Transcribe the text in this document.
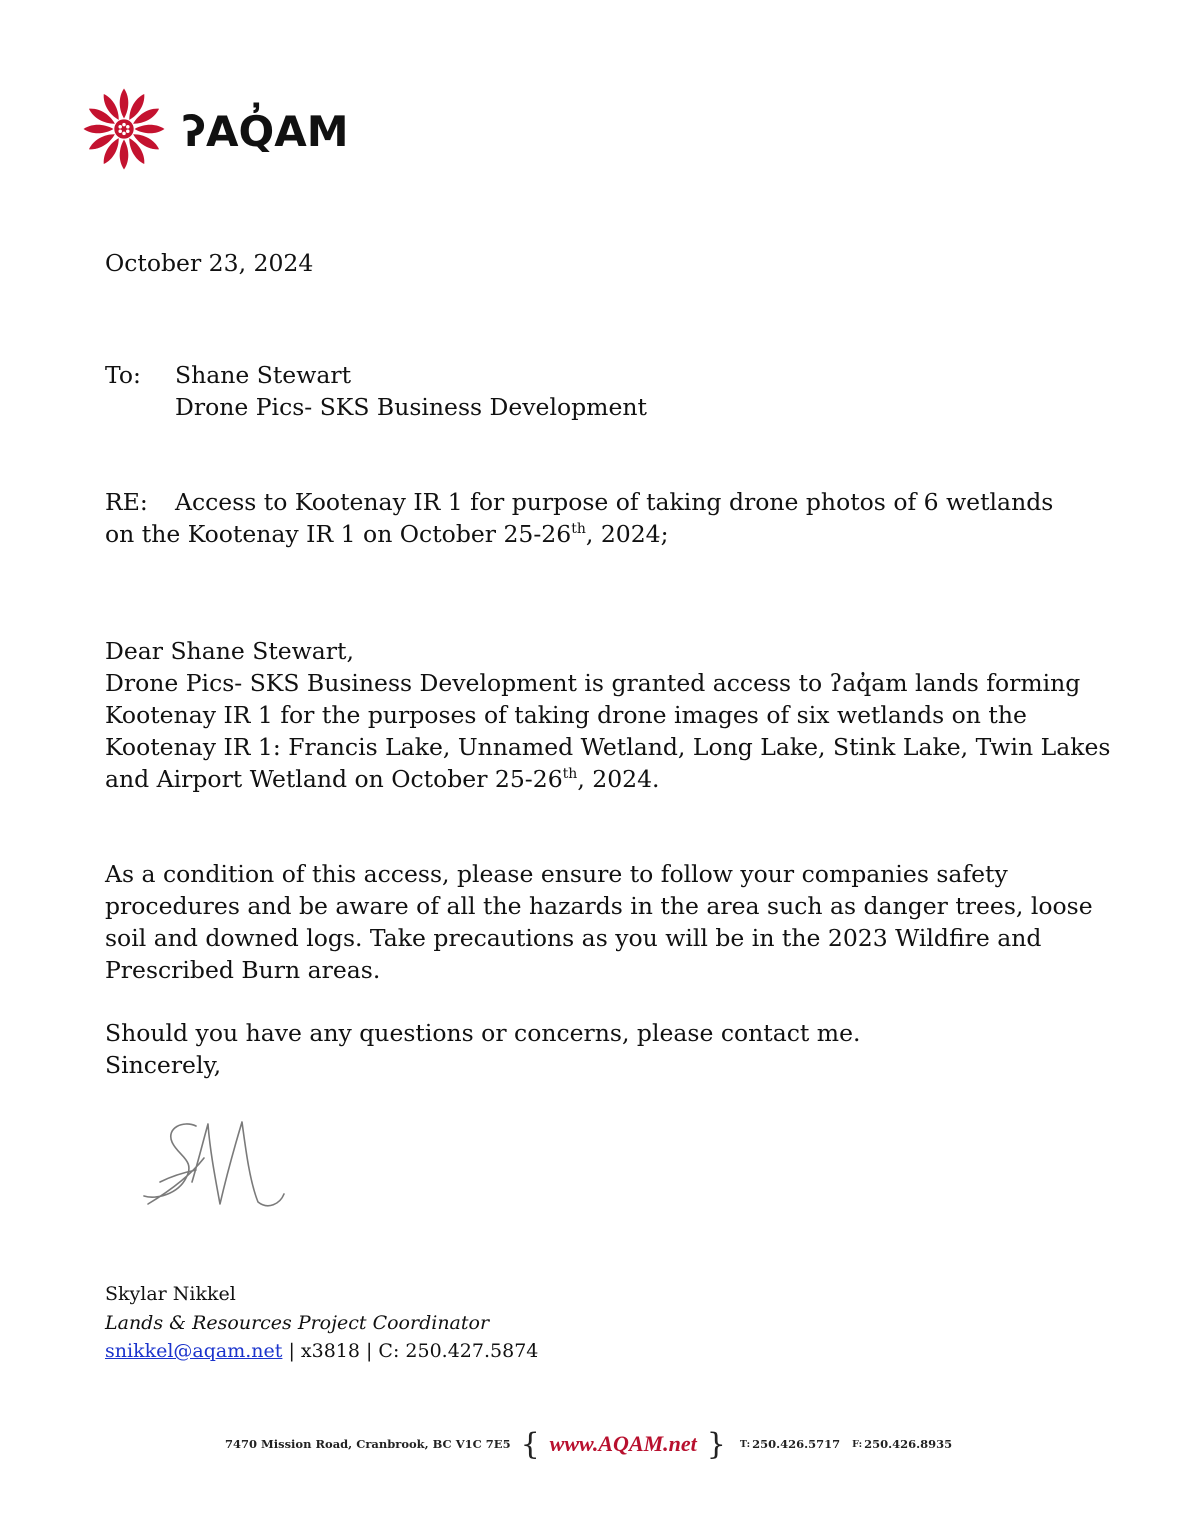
ʔAQ̓AM

October 23, 2024

To:	Shane Stewart
Drone Pics- SKS Business Development

RE: Access to Kootenay IR 1 for purpose of taking drone photos of 6 wetlands on the Kootenay IR 1 on October 25-26th, 2024;

Dear Shane Stewart,
Drone Pics- SKS Business Development is granted access to ʔaq̓am lands forming
Kootenay IR 1 for the purposes of taking drone images of six wetlands on the
Kootenay IR 1: Francis Lake, Unnamed Wetland, Long Lake, Stink Lake, Twin Lakes
and Airport Wetland on October 25-26th, 2024.
As a condition of this access, please ensure to follow your companies safety
procedures and be aware of all the hazards in the area such as danger trees, loose
soil and downed logs. Take precautions as you will be in the 2023 Wildfire and
Prescribed Burn areas.
Should you have any questions or concerns, please contact me.
Sincerely,
Skylar Nikkel
Lands & Resources Project Coordinator
snikkel@aqam.net | x3818 | C: 250.427.5874
7470 Mission Road, Cranbrook, BC V1C 7E5 { www.AQAM.net } T: 250.426.5717 F: 250.426.8935
